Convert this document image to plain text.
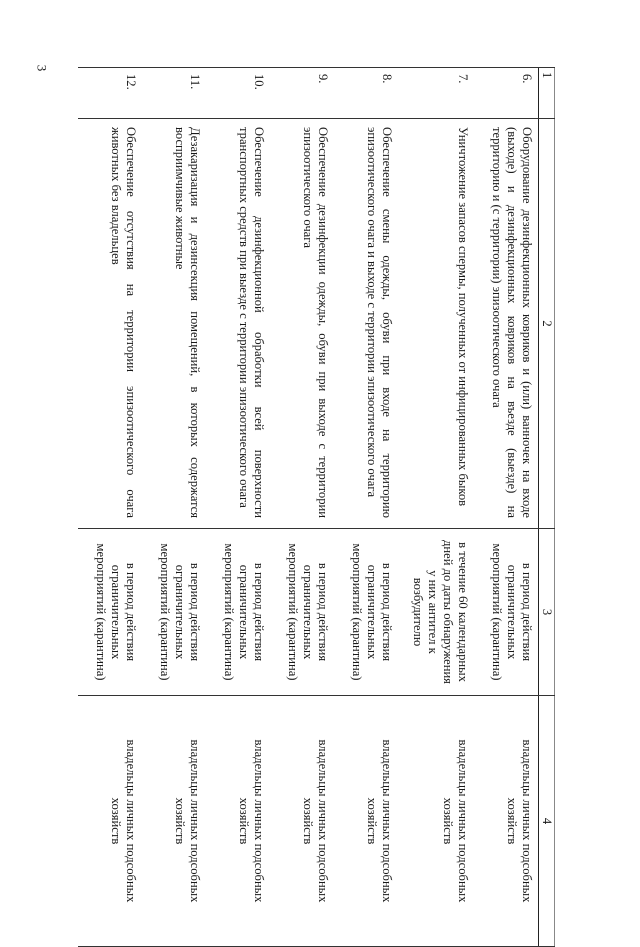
3
1	2	3	4
6.	Оборудование дезинфекционных ковриков и (или) ванночек на входе (выходе) и дезинфекционных ковриков на въезде (выезде) на территорию и (с территории) эпизоотического очага	в период действия ограничительных мероприятий (карантина)	владельцы личных подсобных хозяйств
7.	Уничтожение запасов спермы, полученных от инфицированных быков	в течение 60 календарных дней до даты обнаружения у них антител к возбудителю	владельцы личных подсобных хозяйств
8.	Обеспечение смены одежды, обуви при входе на территорию эпизоотического очага и выходе с территории эпизоотического очага	в период действия ограничительных мероприятий (карантина)	владельцы личных подсобных хозяйств
9.	Обеспечение дезинфекции одежды, обуви при выходе с территории эпизоотического очага	в период действия ограничительных мероприятий (карантина)	владельцы личных подсобных хозяйств
10.	Обеспечение дезинфекционной обработки всей поверхности транспортных средств при выезде с территории эпизоотического очага	в период действия ограничительных мероприятий (карантина)	владельцы личных подсобных хозяйств
11.	Дезакаризация и дезинсекция помещений, в которых содержатся восприимчивые животные	в период действия ограничительных мероприятий (карантина)	владельцы личных подсобных хозяйств
12.	Обеспечение отсутствия на территории эпизоотического очага животных без владельцев	в период действия ограничительных мероприятий (карантина)	владельцы личных подсобных хозяйств
